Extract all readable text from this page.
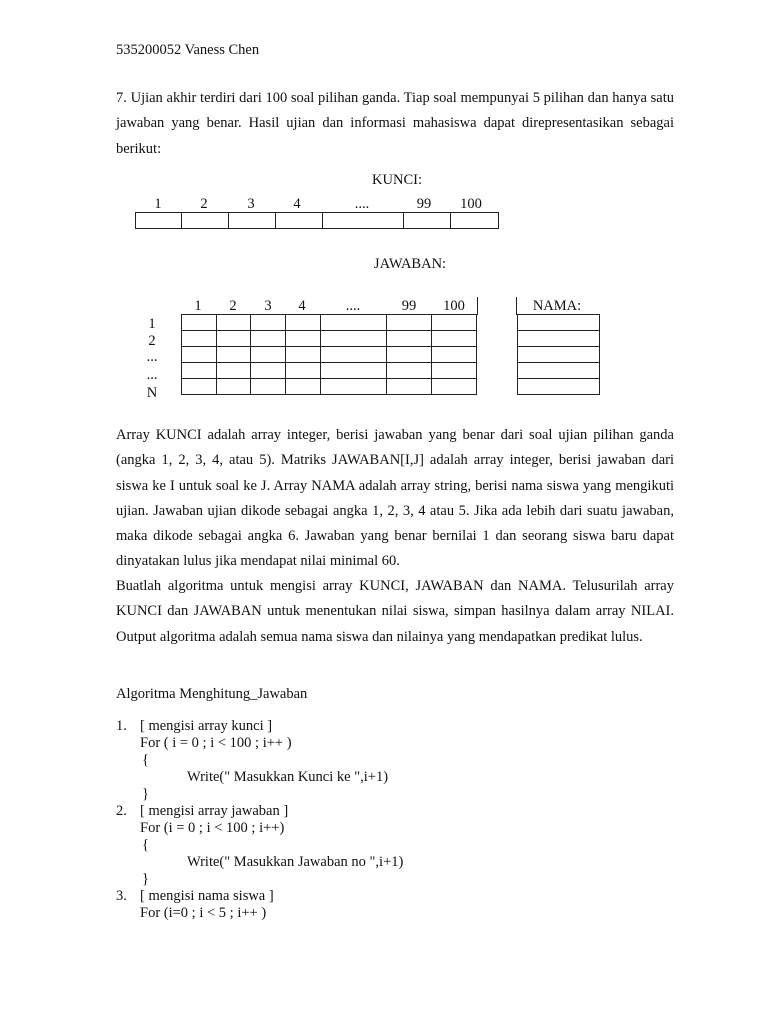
535200052 Vaness Chen
7. Ujian akhir terdiri dari 100 soal pilihan ganda. Tiap soal mempunyai 5 pilihan dan hanya satu jawaban yang benar. Hasil ujian dan informasi mahasiswa dapat direpresentasikan sebagai berikut:
KUNCI:
1	2	3	4	....	99 100

JAWABAN:
1 2 3 4	....	99 100	NAMA:
1
2
...
...
N

Array KUNCI adalah array integer, berisi jawaban yang benar dari soal ujian pilihan ganda (angka 1, 2, 3, 4, atau 5). Matriks JAWABAN[I,J] adalah array integer, berisi jawaban dari siswa ke I untuk soal ke J. Array NAMA adalah array string, berisi nama siswa yang mengikuti ujian. Jawaban ujian dikode sebagai angka 1, 2, 3, 4 atau 5. Jika ada lebih dari suatu jawaban, maka dikode sebagai angka 6. Jawaban yang benar bernilai 1 dan seorang siswa baru dapat dinyatakan lulus jika mendapat nilai minimal 60.
Buatlah algoritma untuk mengisi array KUNCI, JAWABAN dan NAMA. Telusurilah array KUNCI dan JAWABAN untuk menentukan nilai siswa, simpan hasilnya dalam array NILAI. Output algoritma adalah semua nama siswa dan nilainya yang mendapatkan predikat lulus.
Algoritma Menghitung_Jawaban
1. [ mengisi array kunci ]
For ( i = 0 ; i < 100 ; i++ )
{
Write(" Masukkan Kunci ke ",i+1)
}
2. [ mengisi array jawaban ]
For (i = 0 ; i < 100 ; i++)
{
Write(" Masukkan Jawaban no ",i+1)
}
3. [ mengisi nama siswa ]
For (i=0 ; i < 5 ; i++ )
